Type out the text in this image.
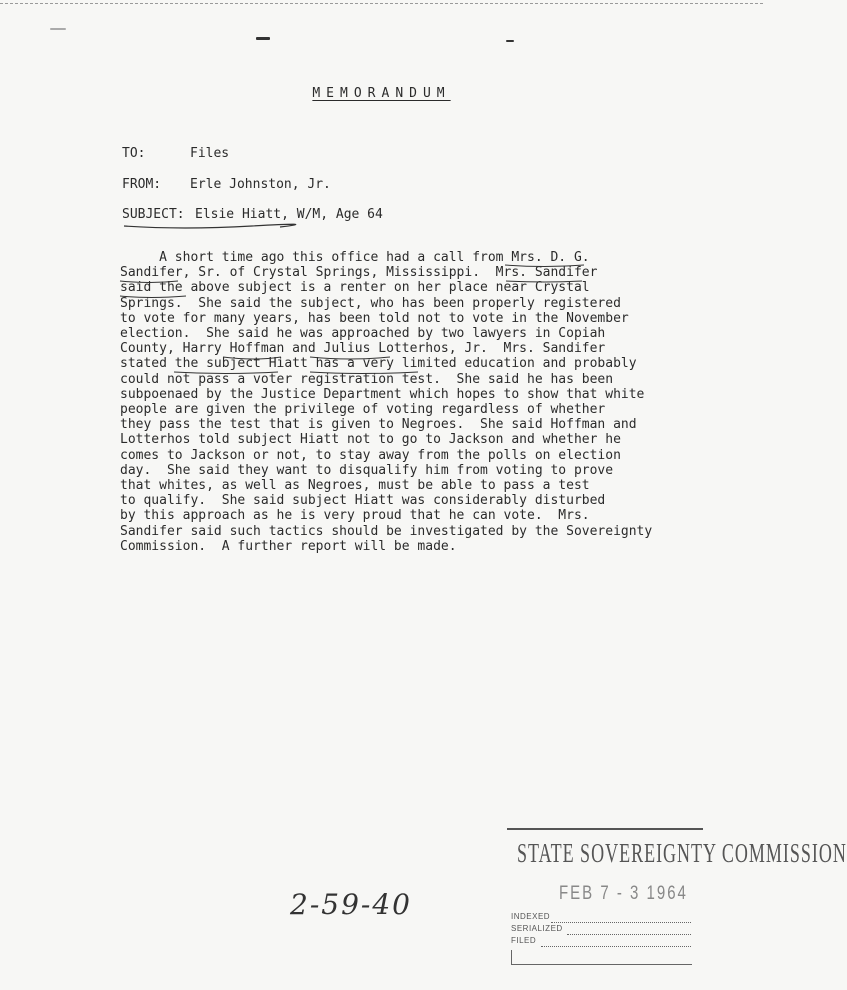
MEMORANDUM
TO:	Files
FROM: Erle Johnston, Jr.
SUBJECT: Elsie Hiatt, W/M, Age 64
A short time ago this office had a call from Mrs. D. G.
Sandifer, Sr. of Crystal Springs, Mississippi.  Mrs. Sandifer
said the above subject is a renter on her place near Crystal
Springs.  She said the subject, who has been properly registered
to vote for many years, has been told not to vote in the November
election.  She said he was approached by two lawyers in Copiah
County, Harry Hoffman and Julius Lotterhos, Jr.  Mrs. Sandifer
stated the subject Hiatt has a very limited education and probably
could not pass a voter registration test.  She said he has been
subpoenaed by the Justice Department which hopes to show that white
people are given the privilege of voting regardless of whether
they pass the test that is given to Negroes.  She said Hoffman and
Lotterhos told subject Hiatt not to go to Jackson and whether he
comes to Jackson or not, to stay away from the polls on election
day.  She said they want to disqualify him from voting to prove
that whites, as well as Negroes, must be able to pass a test
to qualify.  She said subject Hiatt was considerably disturbed
by this approach as he is very proud that he can vote.  Mrs.
Sandifer said such tactics should be investigated by the Sovereignty
Commission.  A further report will be made.
STATE SOVEREIGNTY COMMISSION
FEB 7 - 3 1964
INDEXED
SERIALIZED
FILED
2-59-40
